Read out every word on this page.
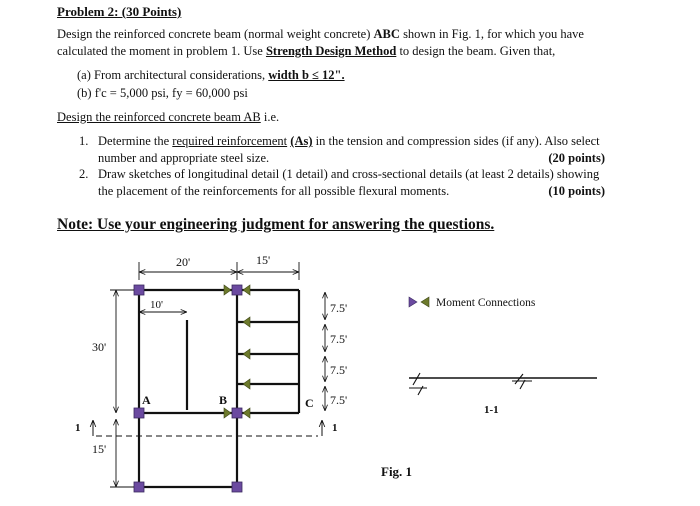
Problem 2: (30 Points)
Design the reinforced concrete beam (normal weight concrete) ABC shown in Fig. 1, for which you have calculated the moment in problem 1. Use Strength Design Method to design the beam. Given that,
(a) From architectural considerations, width b ≤ 12".
(b) f'c = 5,000 psi, fy = 60,000 psi
Design the reinforced concrete beam AB i.e.
1. Determine the required reinforcement (As) in the tension and compression sides (if any). Also select number and appropriate steel size.	(20 points)
2. Draw sketches of longitudinal detail (1 detail) and cross-sectional details (at least 2 details) showing the placement of the reinforcements for all possible flexural moments.	(10 points)
Note: Use your engineering judgment for answering the questions.
20'	15'
10'
30'
15'
7.5'
7.5'
7.5'
7.5'
A	B	C
1	1
Moment Connections
1-1
Fig. 1
